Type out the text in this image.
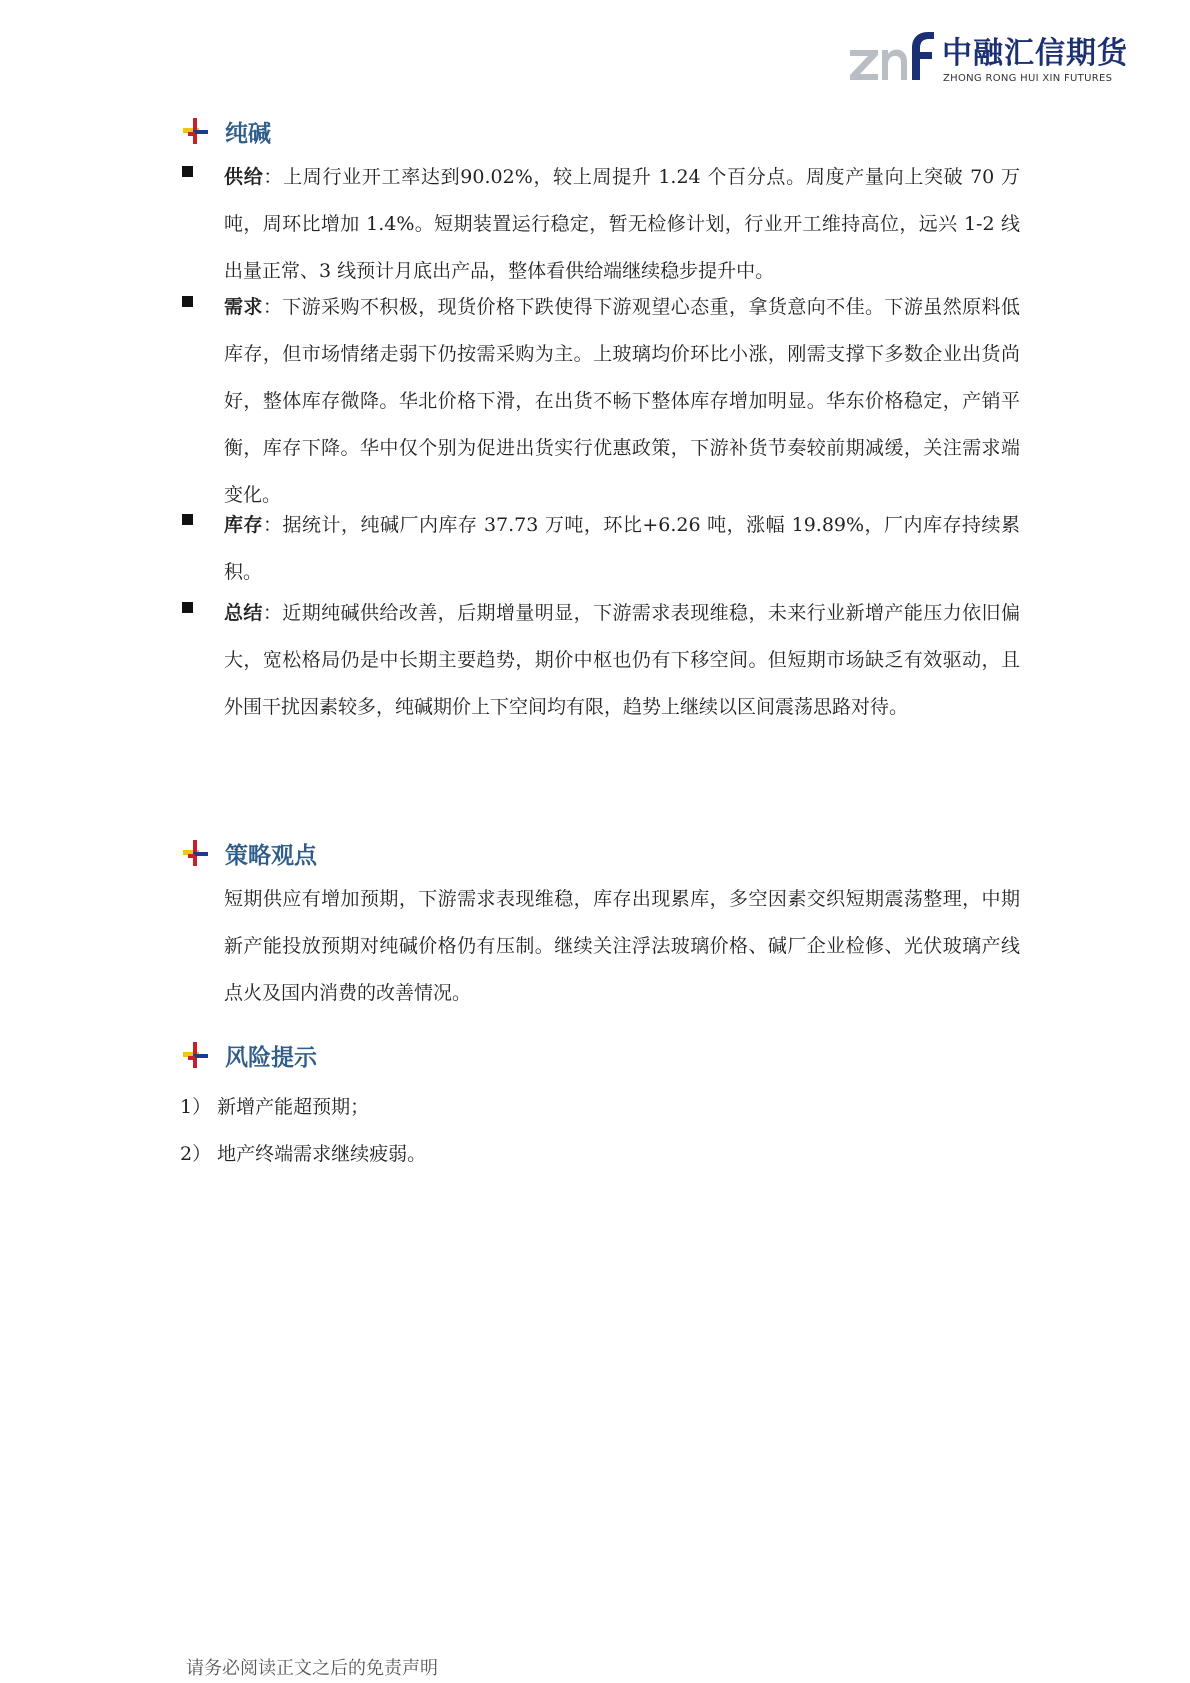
中融汇信期货
ZHONG RONG HUI XIN FUTURES
纯碱
供给：上周行业开工率达到90.02%，较上周提升 1.24 个百分点。周度产量向上突破 70 万吨，周环比增加 1.4%。短期装置运行稳定，暂无检修计划，行业开工维持高位，远兴 1-2 线出量正常、3 线预计月底出产品，整体看供给端继续稳步提升中。
需求：下游采购不积极，现货价格下跌使得下游观望心态重，拿货意向不佳。下游虽然原料低库存，但市场情绪走弱下仍按需采购为主。上玻璃均价环比小涨，刚需支撑下多数企业出货尚好，整体库存微降。华北价格下滑，在出货不畅下整体库存增加明显。华东价格稳定，产销平衡，库存下降。华中仅个别为促进出货实行优惠政策，下游补货节奏较前期减缓，关注需求端变化。
库存：据统计，纯碱厂内库存 37.73 万吨，环比+6.26 吨，涨幅 19.89%，厂内库存持续累积。
总结：近期纯碱供给改善，后期增量明显，下游需求表现维稳，未来行业新增产能压力依旧偏大，宽松格局仍是中长期主要趋势，期价中枢也仍有下移空间。但短期市场缺乏有效驱动，且外围干扰因素较多，纯碱期价上下空间均有限，趋势上继续以区间震荡思路对待。
策略观点
短期供应有增加预期，下游需求表现维稳，库存出现累库，多空因素交织短期震荡整理，中期新产能投放预期对纯碱价格仍有压制。继续关注浮法玻璃价格、碱厂企业检修、光伏玻璃产线点火及国内消费的改善情况。
风险提示
1） 新增产能超预期；
2） 地产终端需求继续疲弱。
请务必阅读正文之后的免责声明
